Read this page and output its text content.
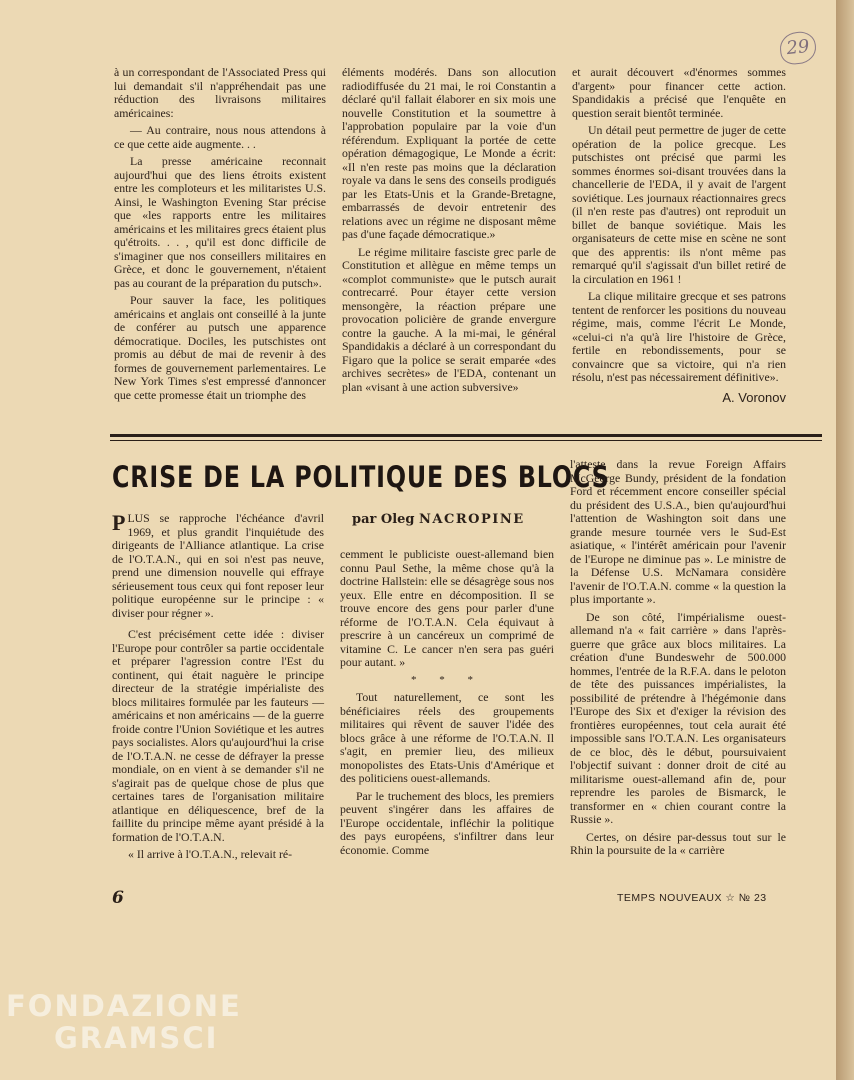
29

à un correspondant de l'Associated Press qui lui demandait s'il n'appréhendait pas une réduction des livraisons militaires américaines:

— Au contraire, nous nous attendons à ce que cette aide augmente. . .

La presse américaine reconnait aujourd'hui que des liens étroits existent entre les comploteurs et les militaristes U.S. Ainsi, le Washington Evening Star précise que «les rapports entre les militaires américains et les militaires grecs étaient plus qu'étroits. . . , qu'il est donc difficile de s'imaginer que nos conseillers militaires en Grèce, et donc le gouvernement, n'étaient pas au courant de la préparation du putsch».

Pour sauver la face, les politiques américains et anglais ont conseillé à la junte de conférer au putsch une apparence démocratique. Dociles, les putschistes ont promis au début de mai de revenir à des formes de gouvernement parlementaires. Le New York Times s'est empressé d'annoncer que cette promesse était un triomphe des

éléments modérés. Dans son allocution radiodiffusée du 21 mai, le roi Constantin a déclaré qu'il fallait élaborer en six mois une nouvelle Constitution et la soumettre à l'approbation populaire par la voie d'un référendum. Expliquant la portée de cette opération démagogique, Le Monde a écrit: «Il n'en reste pas moins que la déclaration royale va dans le sens des conseils prodigués par les Etats-Unis et la Grande-Bretagne, embarrassés de devoir entretenir des relations avec un régime ne disposant même pas d'une façade démocratique.»

Le régime militaire fasciste grec parle de Constitution et allègue en même temps un «complot communiste» que le putsch aurait contrecarré. Pour étayer cette version mensongère, la réaction prépare une provocation policière de grande envergure contre la gauche. A la mi-mai, le général Spandidakis a déclaré à un correspondant du Figaro que la police se serait emparée «des archives secrètes» de l'EDA, contenant un plan «visant à une action subversive»

et aurait découvert «d'énormes sommes d'argent» pour financer cette action. Spandidakis a précisé que l'enquête en question serait bientôt terminée.

Un détail peut permettre de juger de cette opération de la police grecque. Les putschistes ont précisé que parmi les sommes énormes soi-disant trouvées dans la chancellerie de l'EDA, il y avait de l'argent soviétique. Les journaux réactionnaires grecs (il n'en reste pas d'autres) ont reproduit un billet de banque soviétique. Mais les organisateurs de cette mise en scène ne sont que des apprentis: ils n'ont même pas remarqué qu'il s'agissait d'un billet retiré de la circulation en 1961 !

La clique militaire grecque et ses patrons tentent de renforcer les positions du nouveau régime, mais, comme l'écrit Le Monde, «celui-ci n'a qu'à lire l'histoire de Grèce, fertile en rebondissements, pour se convaincre que sa victoire, qui n'a rien résolu, n'est pas nécessairement définitive».

A. Voronov

CRISE DE LA POLITIQUE DES BLOCS
par Oleg NACROPINE

PLUS se rapproche l'échéance d'avril 1969, et plus grandit l'inquiétude des dirigeants de l'Alliance atlantique. La crise de l'O.T.A.N., qui en soi n'est pas neuve, prend une dimension nouvelle qui effraye sérieusement tous ceux qui font reposer leur politique européenne sur le principe : « diviser pour régner ».

C'est précisément cette idée : diviser l'Europe pour contrôler sa partie occidentale et préparer l'agression contre l'Est du continent, qui était naguère le principe directeur de la stratégie impérialiste des blocs militaires formulée par les fauteurs — américains et non américains — de la guerre froide contre l'Union Soviétique et les autres pays socialistes. Alors qu'aujourd'hui la crise de l'O.T.A.N. ne cesse de défrayer la presse mondiale, on en vient à se demander s'il ne s'agirait pas de quelque chose de plus que certaines tares de l'organisation militaire atlantique en déliquescence, bref de la faillite du principe même ayant présidé à la formation de l'O.T.A.N.

« Il arrive à l'O.T.A.N., relevait ré-

cemment le publiciste ouest-allemand bien connu Paul Sethe, la même chose qu'à la doctrine Hallstein: elle se désagrège sous nos yeux. Elle entre en décomposition. Il se trouve encore des gens pour parler d'une réforme de l'O.T.A.N. Cela équivaut à prescrire à un cancéreux un comprimé de vitamine C. Le cancer n'en sera pas guéri pour autant. »

* * *

Tout naturellement, ce sont les bénéficiaires réels des groupements militaires qui rêvent de sauver l'idée des blocs grâce à une réforme de l'O.T.A.N. Il s'agit, en premier lieu, des milieux monopolistes des Etats-Unis d'Amérique et des politiciens ouest-allemands.

Par le truchement des blocs, les premiers peuvent s'ingérer dans les affaires de l'Europe occidentale, infléchir la politique des pays européens, s'infiltrer dans leur économie. Comme

l'atteste dans la revue Foreign Affairs McGeorge Bundy, président de la fondation Ford et récemment encore conseiller spécial du président des U.S.A., bien qu'aujourd'hui l'attention de Washington soit dans une grande mesure tournée vers le Sud-Est asiatique, « l'intérêt américain pour l'avenir de l'Europe ne diminue pas ». Le ministre de la Défense U.S. McNamara considère l'avenir de l'O.T.A.N. comme « la question la plus importante ».

De son côté, l'impérialisme ouest-allemand n'a « fait carrière » dans l'après-guerre que grâce aux blocs militaires. La création d'une Bundeswehr de 500.000 hommes, l'entrée de la R.F.A. dans le peloton de tête des puissances impérialistes, la possibilité de prétendre à l'hégémonie dans l'Europe des Six et d'exiger la révision des frontières européennes, tout cela aurait été impossible sans l'O.T.A.N. Les organisateurs de ce bloc, dès le début, poursuivaient l'objectif suivant : donner droit de cité au militarisme ouest-allemand afin de, pour reprendre les paroles de Bismarck, le transformer en « chien courant contre la Russie ».

Certes, on désire par-dessus tout sur le Rhin la poursuite de la « carrière

6	TEMPS NOUVEAUX ☆ № 23
FONDAZIONE
GRAMSCI
